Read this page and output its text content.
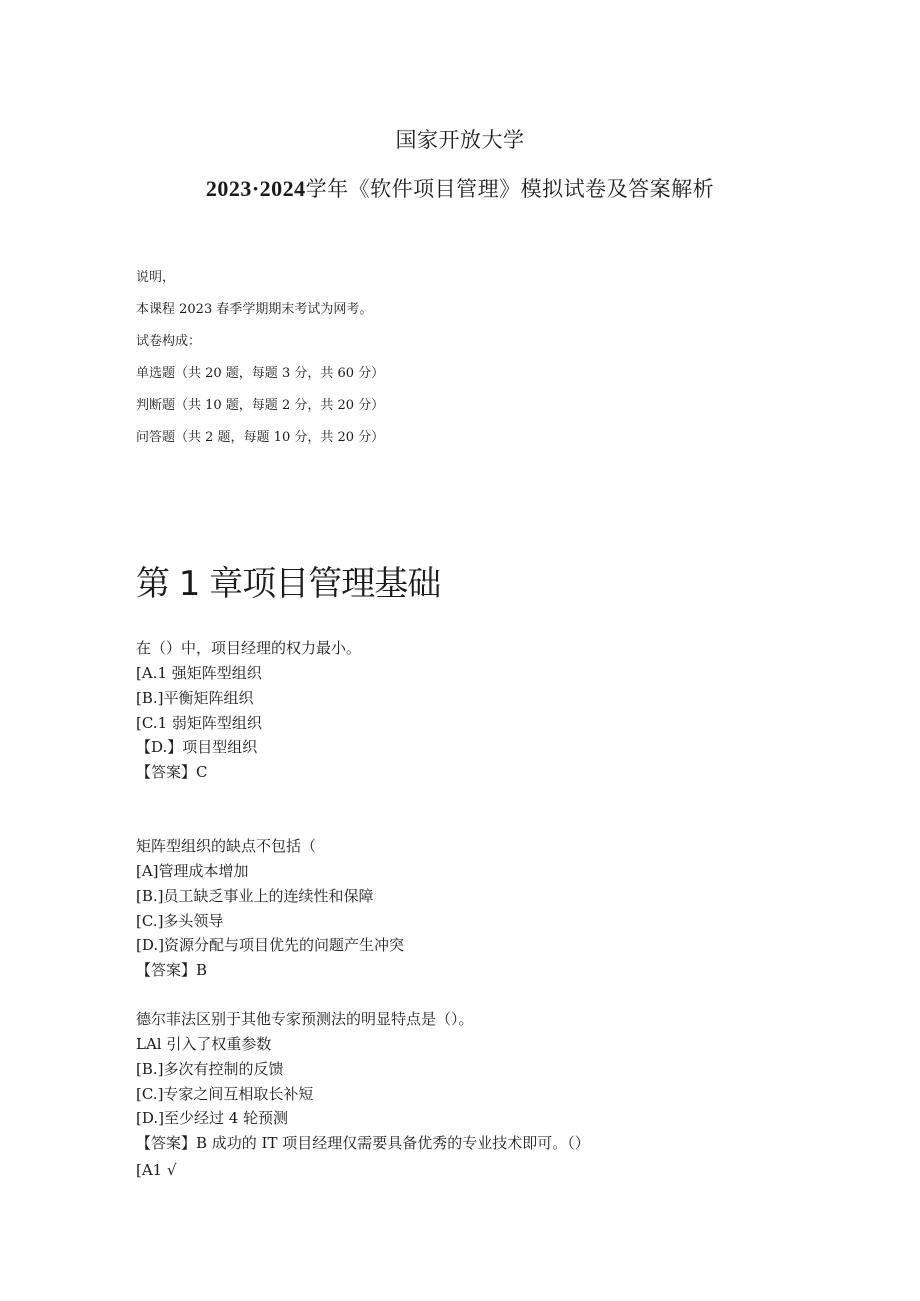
国家开放大学
2023·2024学年《软件项目管理》模拟试卷及答案解析
说明，
本课程 2023 春季学期期末考试为网考。
试卷构成：
单选题（共 20 题，每题 3 分，共 60 分）
判断题（共 10 题，每题 2 分，共 20 分）
问答题（共 2 题，每题 10 分，共 20 分）
第 1 章项目管理基础
在（）中，项目经理的权力最小。
[A.1 强矩阵型组织
[B.]平衡矩阵组织
[C.1 弱矩阵型组织
【D.】项目型组织
【答案】C
矩阵型组织的缺点不包括（
[A]管理成本增加
[B.]员工缺乏事业上的连续性和保障
[C.]多头领导
[D.]资源分配与项目优先的问题产生冲突
【答案】B
德尔菲法区别于其他专家预测法的明显特点是（）。
LAl 引入了权重参数
[B.]多次有控制的反馈
[C.]专家之间互相取长补短
[D.]至少经过 4 轮预测
【答案】B 成功的 IT 项目经理仅需要具备优秀的专业技术即可。（）
[A1 √
